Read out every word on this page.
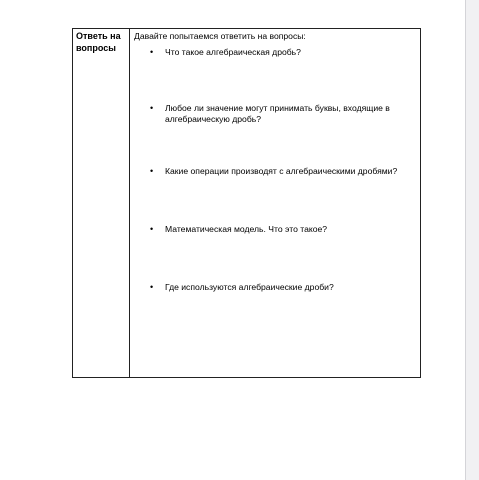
Ответь на вопросы	

Давайте попытаемся ответить на вопросы:

• Что такое алгебраическая дробь?
• Любое ли значение могут принимать буквы, входящие в алгебраическую дробь?
• Какие операции производят с алгебраическими дробями?
• Математическая модель. Что это такое?
• Где используются алгебраические дроби?
